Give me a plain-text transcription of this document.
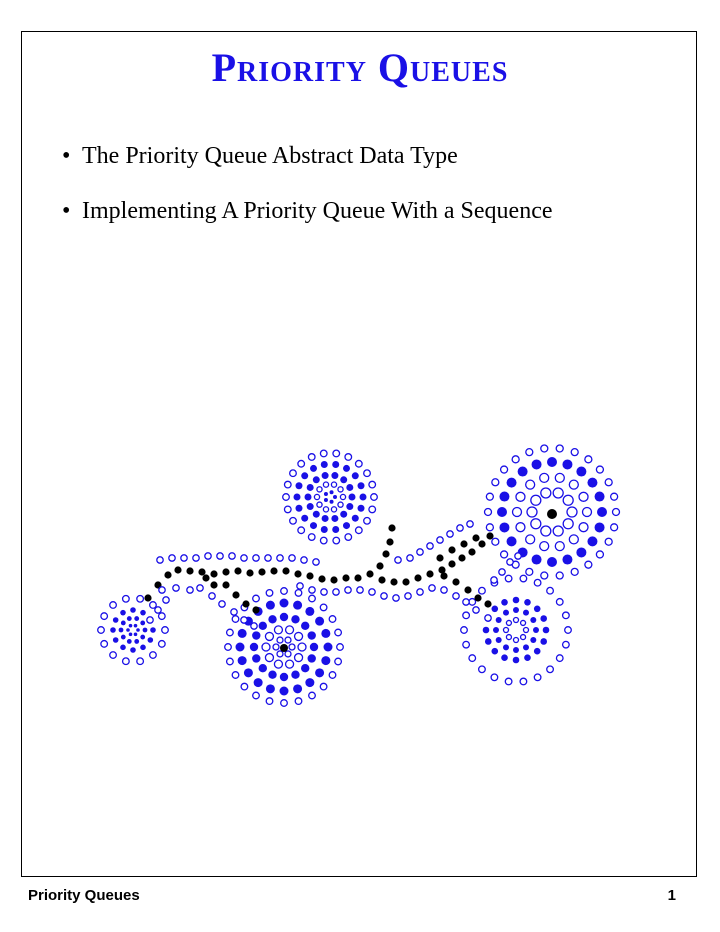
Priority Queues
• The Priority Queue Abstract Data Type
• Implementing A Priority Queue With a Sequence
Priority Queues	1
